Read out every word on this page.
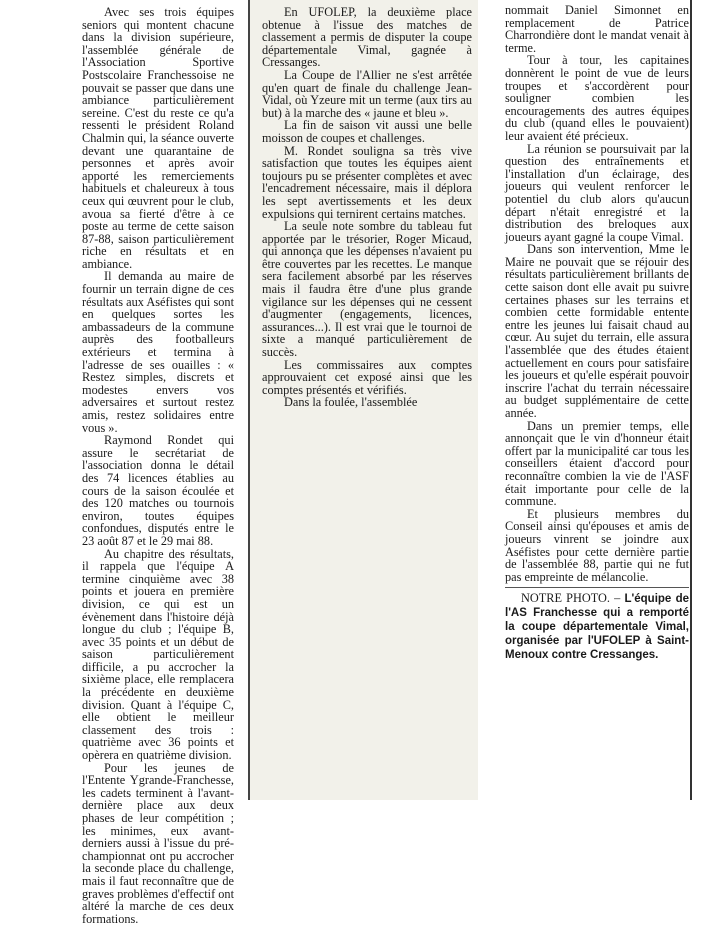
Avec ses trois équipes seniors qui montent chacune dans la division supérieure, l'assemblée générale de l'Association Sportive Postscolaire Franchessoise ne pouvait se passer que dans une ambiance particulièrement sereine. C'est du reste ce qu'a ressenti le président Roland Chalmin qui, la séance ouverte devant une quarantaine de personnes et après avoir apporté les remerciements habituels et chaleureux à tous ceux qui œuvrent pour le club, avoua sa fierté d'être à ce poste au terme de cette saison 87-88, saison particulièrement riche en résultats et en ambiance.

Il demanda au maire de fournir un terrain digne de ces résultats aux Aséfistes qui sont en quelques sortes les ambassadeurs de la commune auprès des footballeurs extérieurs et termina à l'adresse de ses ouailles : « Restez simples, discrets et modestes envers vos adversaires et surtout restez amis, restez solidaires entre vous ».

Raymond Rondet qui assure le secrétariat de l'association donna le détail des 74 licences établies au cours de la saison écoulée et des 120 matches ou tournois environ, toutes équipes confondues, disputés entre le 23 août 87 et le 29 mai 88.

Au chapitre des résultats, il rappela que l'équipe A termine cinquième avec 38 points et jouera en première division, ce qui est un évènement dans l'histoire déjà longue du club ; l'équipe B, avec 35 points et un début de saison particulièrement difficile, a pu accrocher la sixième place, elle remplacera la précédente en deuxième division. Quant à l'équipe C, elle obtient le meilleur classement des trois : quatrième avec 36 points et opèrera en quatrième division.

Pour les jeunes de l'Entente Ygrande-Franchesse, les cadets terminent à l'avant-dernière place aux deux phases de leur compétition ; les minimes, eux avant-derniers aussi à l'issue du pré-championnat ont pu accrocher la seconde place du challenge, mais il faut reconnaître que de graves problèmes d'effectif ont altéré la marche de ces deux formations.

En UFOLEP, la deuxième place obtenue à l'issue des matches de classement a permis de disputer la coupe départementale Vimal, gagnée à Cressanges.

La Coupe de l'Allier ne s'est arrêtée qu'en quart de finale du challenge Jean-Vidal, où Yzeure mit un terme (aux tirs au but) à la marche des « jaune et bleu ».

La fin de saison vit aussi une belle moisson de coupes et challenges.

M. Rondet souligna sa très vive satisfaction que toutes les équipes aient toujours pu se présenter complètes et avec l'encadrement nécessaire, mais il déplora les sept avertissements et les deux expulsions qui ternirent certains matches.

La seule note sombre du tableau fut apportée par le trésorier, Roger Micaud, qui annonça que les dépenses n'avaient pu être couvertes par les recettes. Le manque sera facilement absorbé par les réserves mais il faudra être d'une plus grande vigilance sur les dépenses qui ne cessent d'augmenter (engagements, licences, assurances...). Il est vrai que le tournoi de sixte a manqué particulièrement de succès.

Les commissaires aux comptes approuvaient cet exposé ainsi que les comptes présentés et vérifiés.

Dans la foulée, l'assemblée

nommait Daniel Simonnet en remplacement de Patrice Charrondière dont le mandat venait à terme.

Tour à tour, les capitaines donnèrent le point de vue de leurs troupes et s'accordèrent pour souligner combien les encouragements des autres équipes du club (quand elles le pouvaient) leur avaient été précieux.

La réunion se poursuivait par la question des entraînements et l'installation d'un éclairage, des joueurs qui veulent renforcer le potentiel du club alors qu'aucun départ n'était enregistré et la distribution des breloques aux joueurs ayant gagné la coupe Vimal.

Dans son intervention, Mme le Maire ne pouvait que se réjouir des résultats particulièrement brillants de cette saison dont elle avait pu suivre certaines phases sur les terrains et combien cette formidable entente entre les jeunes lui faisait chaud au cœur. Au sujet du terrain, elle assura l'assemblée que des études étaient actuellement en cours pour satisfaire les joueurs et qu'elle espérait pouvoir inscrire l'achat du terrain nécessaire au budget supplémentaire de cette année.

Dans un premier temps, elle annonçait que le vin d'honneur était offert par la municipalité car tous les conseillers étaient d'accord pour reconnaître combien la vie de l'ASF était importante pour celle de la commune.

Et plusieurs membres du Conseil ainsi qu'épouses et amis de joueurs vinrent se joindre aux Aséfistes pour cette dernière partie de l'assemblée 88, partie qui ne fut pas empreinte de mélancolie.

NOTRE PHOTO. – L'équipe de l'AS Franchesse qui a remporté la coupe départementale Vimal, organisée par l'UFOLEP à Saint-Menoux contre Cressanges.
